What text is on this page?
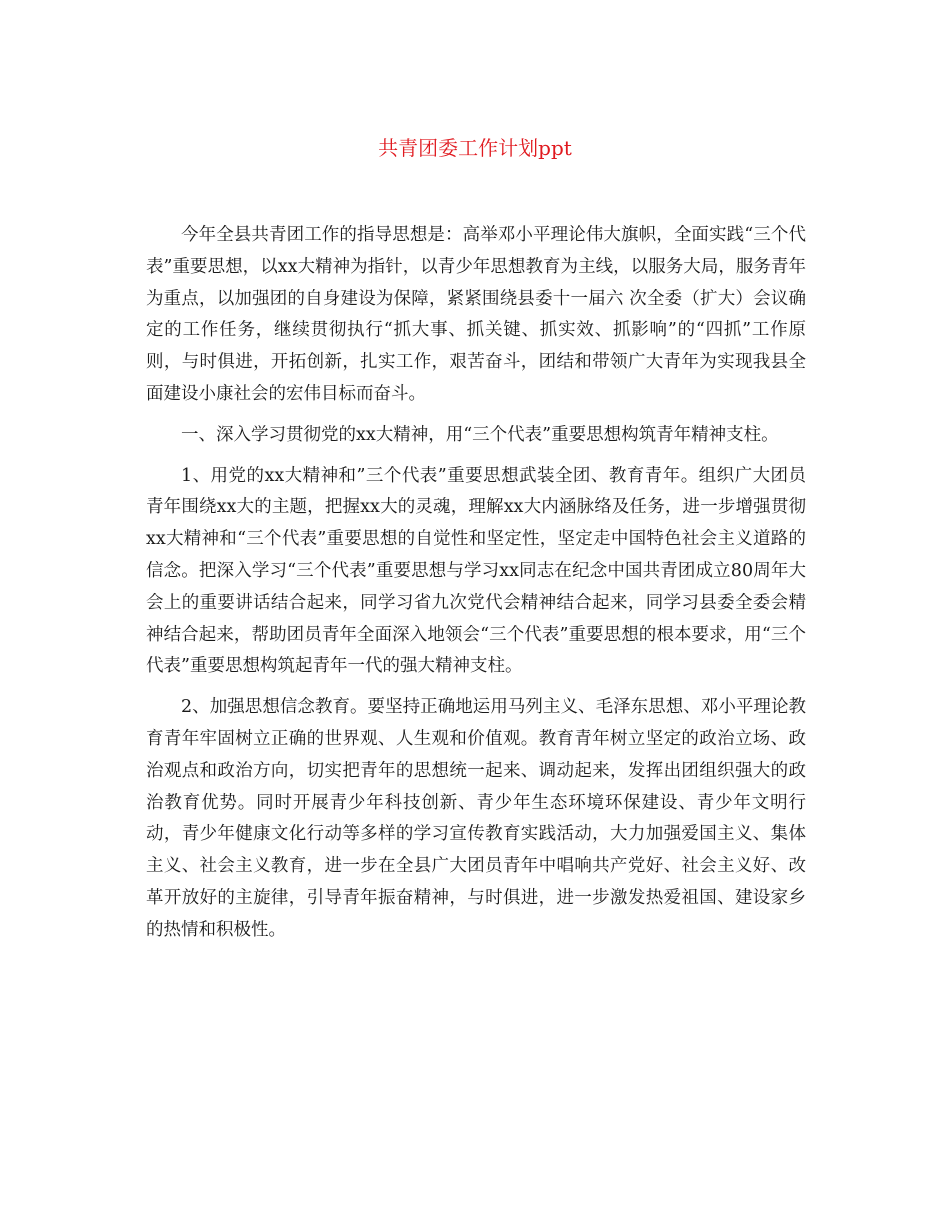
共青团委工作计划ppt

今年全县共青团工作的指导思想是：高举邓小平理论伟大旗帜，全面实践“三个代表”重要思想，以xx大精神为指针，以青少年思想教育为主线，以服务大局，服务青年为重点，以加强团的自身建设为保障，紧紧围绕县委十一届六 次全委（扩大）会议确定的工作任务，继续贯彻执行“抓大事、抓关键、抓实效、抓影响”的“四抓”工作原则，与时俱进，开拓创新，扎实工作，艰苦奋斗，团结和带领广大青年为实现我县全面建设小康社会的宏伟目标而奋斗。

一、深入学习贯彻党的xx大精神，用“三个代表”重要思想构筑青年精神支柱。

1、用党的xx大精神和”三个代表”重要思想武装全团、教育青年。组织广大团员青年围绕xx大的主题，把握xx大的灵魂，理解xx大内涵脉络及任务，进一步增强贯彻xx大精神和“三个代表”重要思想的自觉性和坚定性，坚定走中国特色社会主义道路的信念。把深入学习“三个代表”重要思想与学习xx同志在纪念中国共青团成立80周年大会上的重要讲话结合起来，同学习省九次党代会精神结合起来，同学习县委全委会精神结合起来，帮助团员青年全面深入地领会“三个代表”重要思想的根本要求，用“三个代表”重要思想构筑起青年一代的强大精神支柱。

2、加强思想信念教育。要坚持正确地运用马列主义、毛泽东思想、邓小平理论教育青年牢固树立正确的世界观、人生观和价值观。教育青年树立坚定的政治立场、政治观点和政治方向，切实把青年的思想统一起来、调动起来，发挥出团组织强大的政治教育优势。同时开展青少年科技创新、青少年生态环境环保建设、青少年文明行动，青少年健康文化行动等多样的学习宣传教育实践活动，大力加强爱国主义、集体主义、社会主义教育，进一步在全县广大团员青年中唱响共产党好、社会主义好、改革开放好的主旋律，引导青年振奋精神，与时俱进，进一步激发热爱祖国、建设家乡的热情和积极性。
